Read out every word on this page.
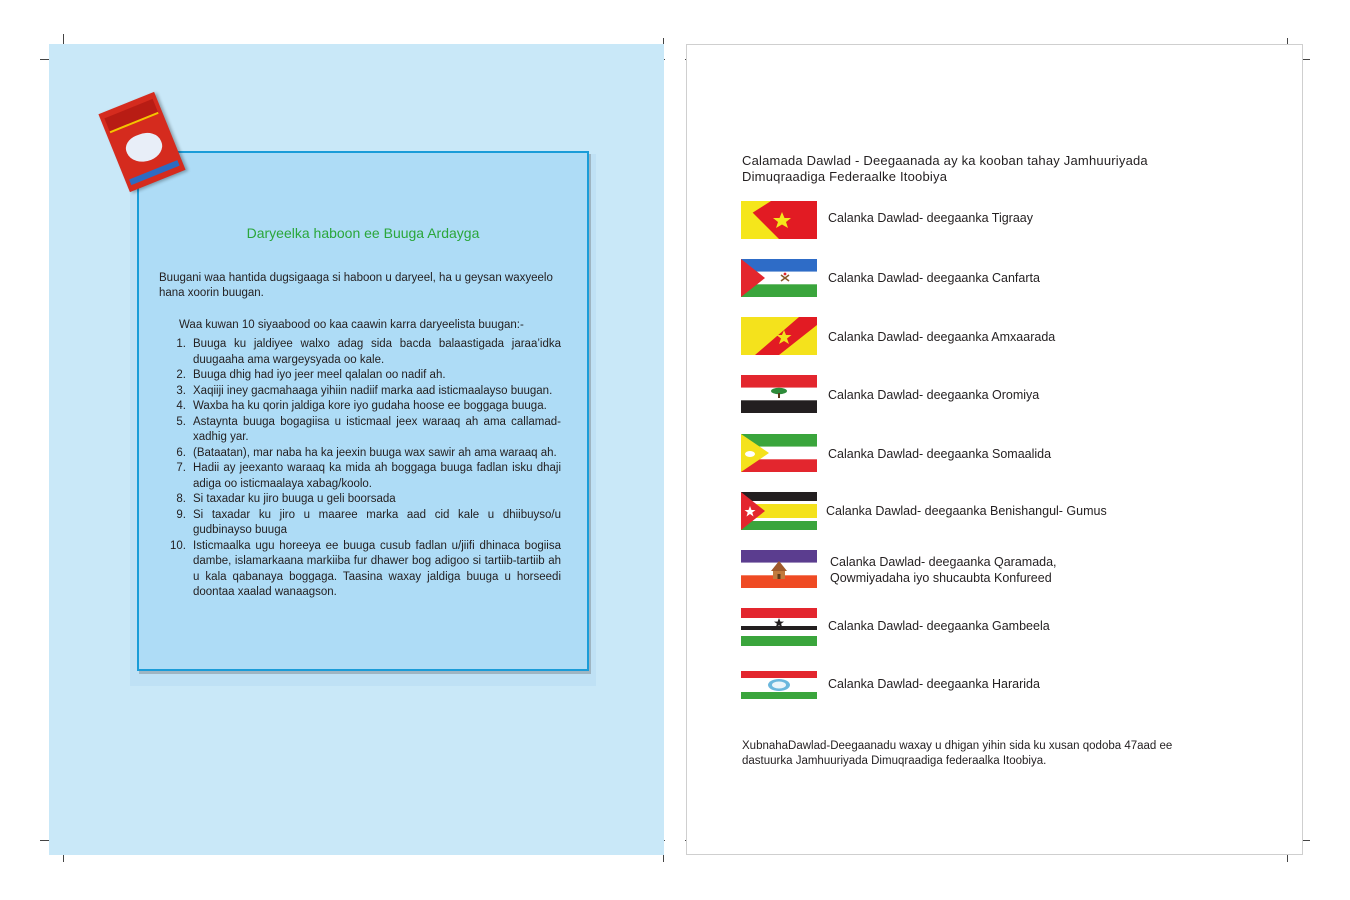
Daryeelka haboon ee Buuga Ardayga
Buugani waa hantida dugsigaaga si haboon u daryeel, ha u geysan waxyeelo hana xoorin buugan.
Waa kuwan 10 siyaabood oo kaa caawin karra daryeelista buugan:-
1. Buuga ku jaldiyee walxo adag sida bacda balaastigada jaraa’idka duugaaha ama wargeysyada oo kale.
2. Buuga dhig had iyo jeer meel qalalan oo nadif ah.
3. Xaqiiji iney gacmahaaga yihiin nadiif marka aad isticmaalayso buugan.
4. Waxba ha ku qorin jaldiga kore iyo gudaha hoose ee boggaga buuga.
5. Astaynta buuga bogagiisa u isticmaal jeex waraaq ah ama callamad-xadhig yar.
6. (Bataatan), mar naba ha ka jeexin buuga wax sawir ah ama waraaq ah.
7. Hadii ay jeexanto waraaq ka mida ah boggaga buuga fadlan isku dhaji adiga oo isticmaalaya xabag/koolo.
8. Si taxadar ku jiro buuga u geli boorsada
9. Si taxadar ku jiro u maaree marka aad cid kale u dhiibuyso/u gudbinayso buuga
10. Isticmaalka ugu horeeya ee buuga cusub fadlan u/jiifi dhinaca bogiisa dambe, islamarkaana markiiba fur dhawer bog adigoo si tartiib-tartiib ah u kala qabanaya boggaga. Taasina waxay jaldiga buuga u horseedi doontaa xaalad wanaagson.
Calamada Dawlad - Deegaanada ay ka kooban tahay Jamhuuriyada Dimuqraadiga Federaalke Itoobiya
Calanka Dawlad- deegaanka Tigraay
Calanka Dawlad- deegaanka Canfarta
Calanka Dawlad- deegaanka Amxaarada
Calanka Dawlad- deegaanka Oromiya
Calanka Dawlad- deegaanka Somaalida
Calanka Dawlad- deegaanka Benishangul- Gumus
Calanka Dawlad- deegaanka Qaramada,
Qowmiyadaha iyo shucaubta Konfureed
Calanka Dawlad- deegaanka Gambeela
Calanka Dawlad- deegaanka Hararida
XubnahaDawlad-Deegaanadu waxay u dhigan yihin sida ku xusan qodoba 47aad ee dastuurka Jamhuuriyada Dimuqraadiga federaalka Itoobiya.
